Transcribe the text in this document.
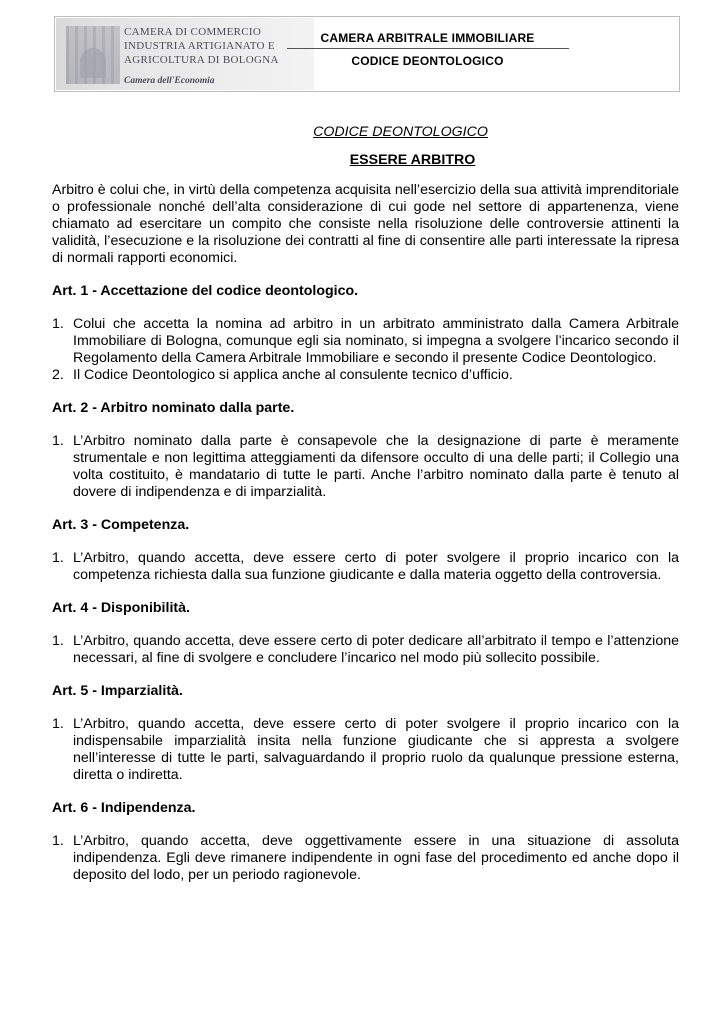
CAMERA DI COMMERCIO
INDUSTRIA ARTIGIANATO E
AGRICOLTURA DI BOLOGNA
Camera dell'Economia
CAMERA ARBITRALE IMMOBILIARE
CODICE DEONTOLOGICO

CODICE DEONTOLOGICO

ESSERE ARBITRO

Arbitro è colui che, in virtù della competenza acquisita nell’esercizio della sua attività imprenditoriale o professionale nonché dell’alta considerazione di cui gode nel settore di appartenenza, viene chiamato ad esercitare un compito che consiste nella risoluzione delle controversie attinenti la validità, l’esecuzione e la risoluzione dei contratti al fine di consentire alle parti interessate la ripresa di normali rapporti economici.

Art. 1 - Accettazione del codice deontologico.
1. Colui che accetta la nomina ad arbitro in un arbitrato amministrato dalla Camera Arbitrale Immobiliare di Bologna, comunque egli sia nominato, si impegna a svolgere l’incarico secondo il Regolamento della Camera Arbitrale Immobiliare e secondo il presente Codice Deontologico.
2. Il Codice Deontologico si applica anche al consulente tecnico d’ufficio.
Art. 2 - Arbitro nominato dalla parte.
1. L’Arbitro nominato dalla parte è consapevole che la designazione di parte è meramente strumentale e non legittima atteggiamenti da difensore occulto di una delle parti; il Collegio una volta costituito, è mandatario di tutte le parti. Anche l’arbitro nominato dalla parte è tenuto al dovere di indipendenza e di imparzialità.
Art. 3 - Competenza.
1. L’Arbitro, quando accetta, deve essere certo di poter svolgere il proprio incarico con la competenza richiesta dalla sua funzione giudicante e dalla materia oggetto della controversia.
Art. 4 - Disponibilità.
1. L’Arbitro, quando accetta, deve essere certo di poter dedicare all’arbitrato il tempo e l’attenzione necessari, al fine di svolgere e concludere l’incarico nel modo più sollecito possibile.
Art. 5 - Imparzialità.
1. L’Arbitro, quando accetta, deve essere certo di poter svolgere il proprio incarico con la indispensabile imparzialità insita nella funzione giudicante che si appresta a svolgere nell’interesse di tutte le parti, salvaguardando il proprio ruolo da qualunque pressione esterna, diretta o indiretta.
Art. 6 - Indipendenza.
1. L’Arbitro, quando accetta, deve oggettivamente essere in una situazione di assoluta indipendenza. Egli deve rimanere indipendente in ogni fase del procedimento ed anche dopo il deposito del lodo, per un periodo ragionevole.
